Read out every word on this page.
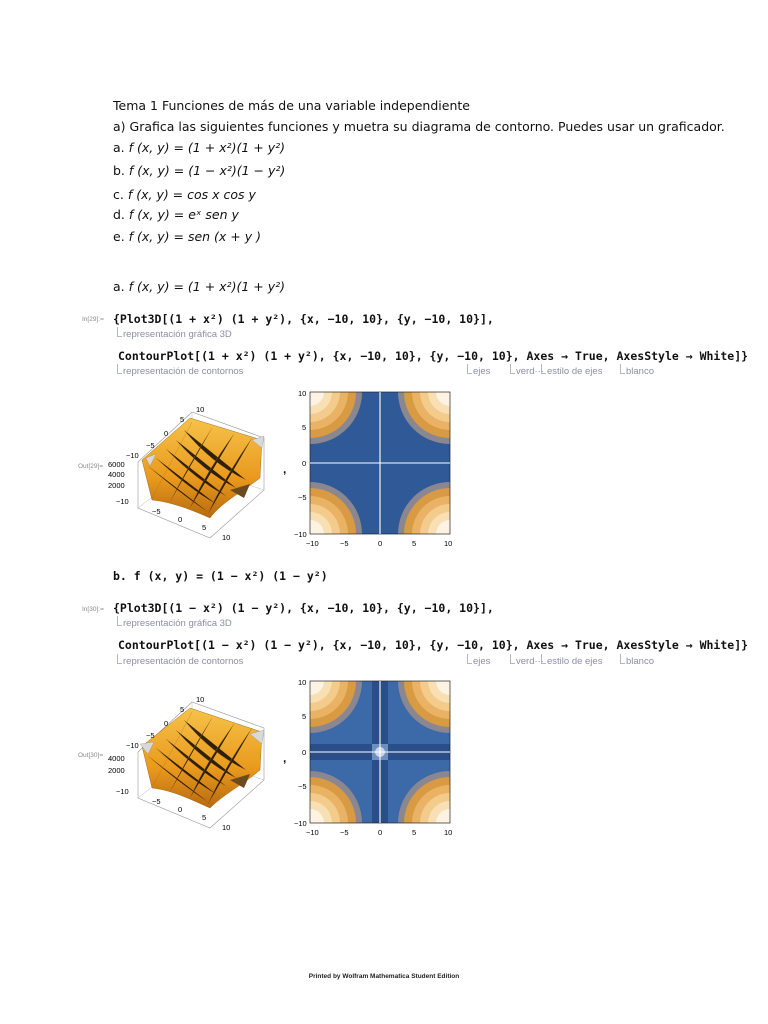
Tema 1 Funciones de más de una variable independiente
a) Grafica las siguientes funciones y muetra su diagrama de contorno. Puedes usar un graficador.
a. f (x, y) = (1 + x²)(1 + y²)
b. f (x, y) = (1 − x²)(1 − y²)
c. f (x, y) = cos x cos y
d. f (x, y) = eˣ sen y
e. f (x, y) = sen (x + y )
a. f (x, y) = (1 + x²)(1 + y²)
In[29]:= {Plot3D[(1 + x²) (1 + y²), {x, −10, 10}, {y, −10, 10}],
representación gráfica 3D
ContourPlot[(1 + x²) (1 + y²), {x, −10, 10}, {y, −10, 10}, Axes → True, AxesStyle → White]}
representación de contornos	ejes	verd··· estilo de ejes	blanco
Out[29]=
10
5
0
−5
−10
6000
4000
2000
−10
−5
0
5
10
,
10
5
0
−5
−10
−10	−5	0	5	10
b. f (x, y) = (1 − x²) (1 − y²)
In[30]:= {Plot3D[(1 − x²) (1 − y²), {x, −10, 10}, {y, −10, 10}],
representación gráfica 3D
ContourPlot[(1 − x²) (1 − y²), {x, −10, 10}, {y, −10, 10}, Axes → True, AxesStyle → White]}
representación de contornos	ejes	verd··· estilo de ejes	blanco
Out[30]=
10
5
0
−5
−10
4000
2000
−10
−5
0
5
10
,
10
5
0
−5
−10
−10	−5	0	5	10
Printed by Wolfram Mathematica Student Edition
